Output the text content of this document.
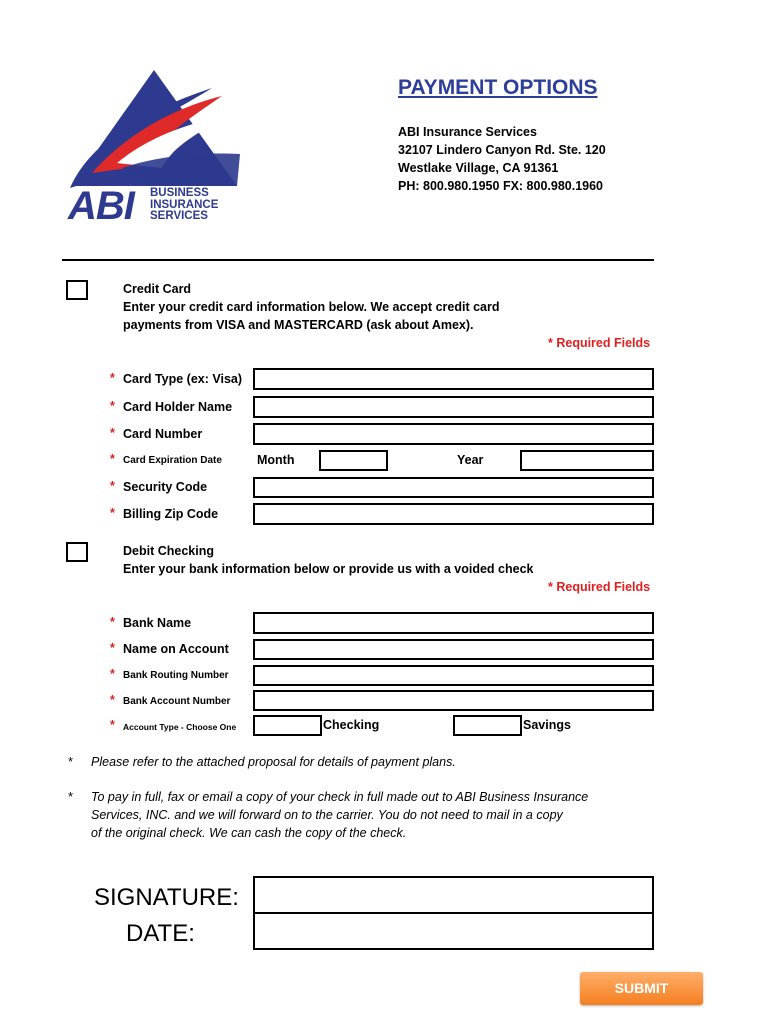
ABI BUSINESS
INSURANCE
SERVICES
PAYMENT OPTIONS
ABI Insurance Services
32107 Lindero Canyon Rd. Ste. 120
Westlake Village, CA 91361
PH: 800.980.1950 FX: 800.980.1960
Credit Card
Enter your credit card information below. We accept credit card
payments from VISA and MASTERCARD (ask about Amex).
* Required Fields
* Card Type (ex: Visa)
* Card Holder Name
* Card Number
* Card Expiration Date	Month	Year
* Security Code
* Billing Zip Code
Debit Checking
Enter your bank information below or provide us with a voided check
* Required Fields
* Bank Name
* Name on Account
* Bank Routing Number
* Bank Account Number
* Account Type - Choose One	Checking	Savings
* Please refer to the attached proposal for details of payment plans.
* To pay in full, fax or email a copy of your check in full made out to ABI Business Insurance
Services, INC. and we will forward on to the carrier. You do not need to mail in a copy
of the original check. We can cash the copy of the check.
SIGNATURE:
DATE:
SUBMIT
